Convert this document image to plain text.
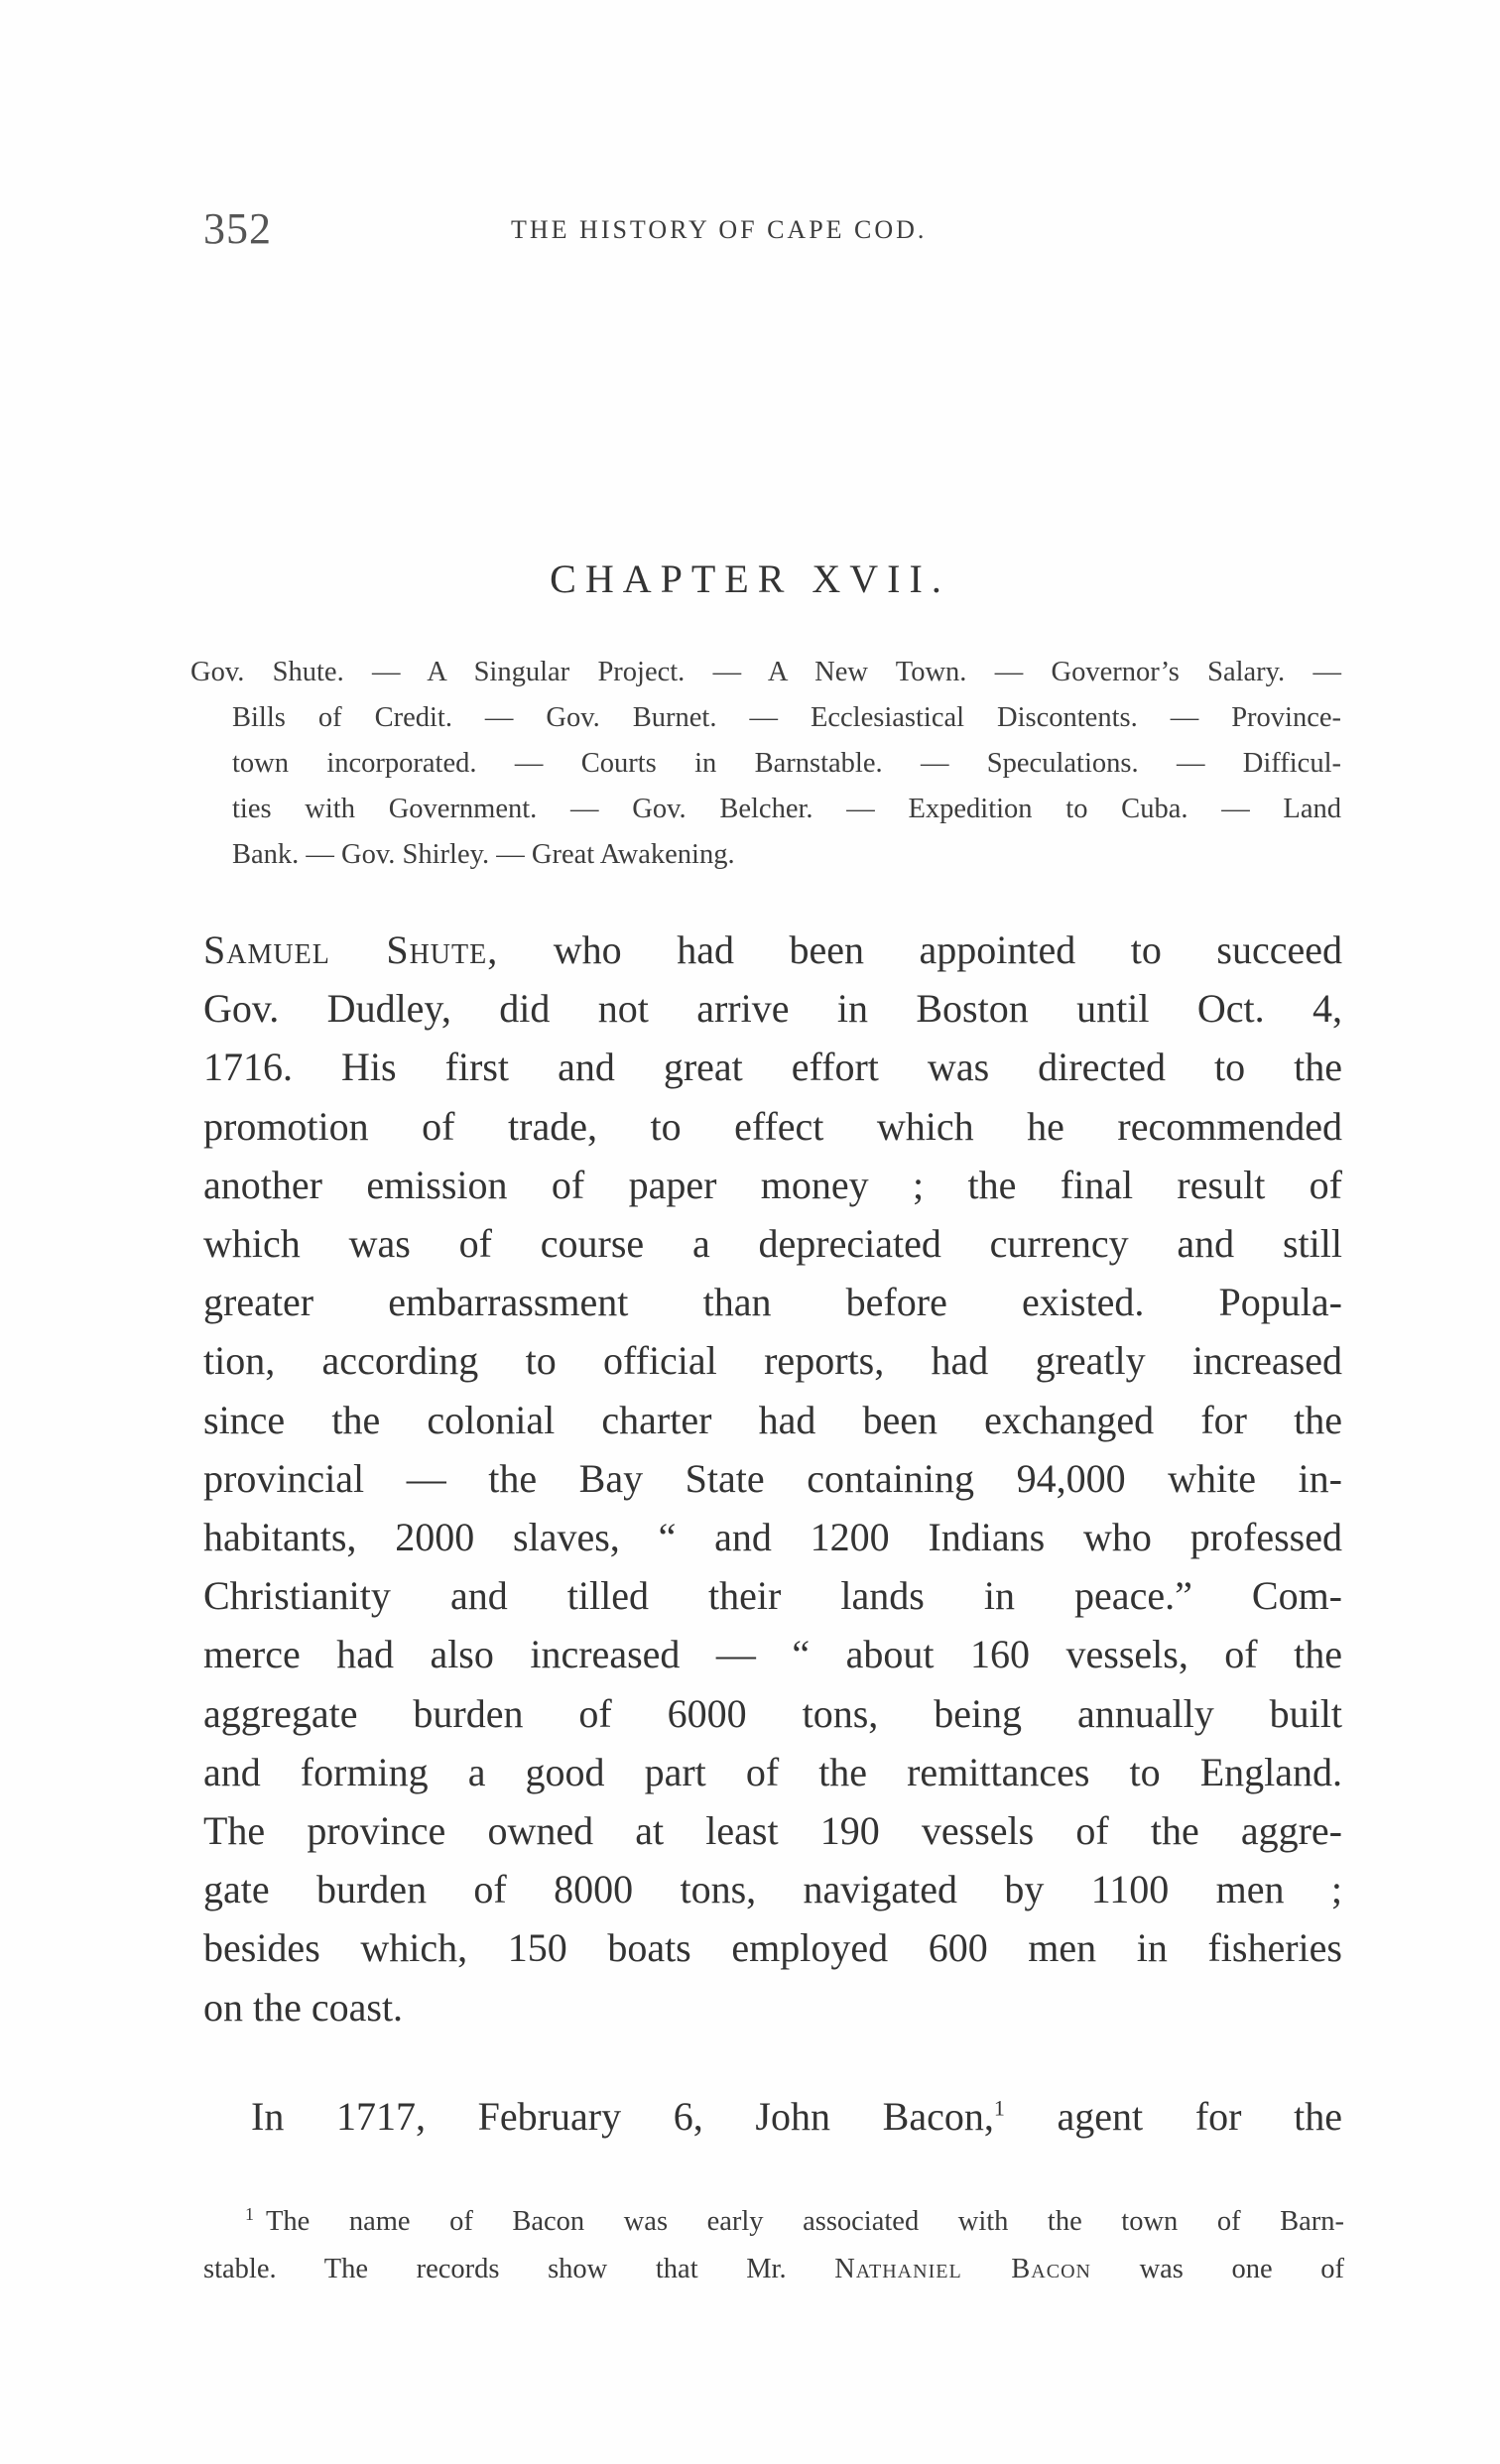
352	THE HISTORY OF CAPE COD.
CHAPTER XVII.
Gov. Shute. — A Singular Project. — A New Town. — Governor’s Salary. —
Bills of Credit. — Gov. Burnet. — Ecclesiastical Discontents. — Province-
town incorporated. — Courts in Barnstable. — Speculations. — Difficul-
ties with Government. — Gov. Belcher. — Expedition to Cuba. — Land
Bank. — Gov. Shirley. — Great Awakening.
Samuel Shute, who had been appointed to succeed
Gov. Dudley, did not arrive in Boston until Oct. 4,
1716. His first and great effort was directed to the
promotion of trade, to effect which he recommended
another emission of paper money ; the final result of
which was of course a depreciated currency and still
greater embarrassment than before existed. Popula-
tion, according to official reports, had greatly increased
since the colonial charter had been exchanged for the
provincial — the Bay State containing 94,000 white in-
habitants, 2000 slaves, “ and 1200 Indians who professed
Christianity and tilled their lands in peace.” Com-
merce had also increased — “ about 160 vessels, of the
aggregate burden of 6000 tons, being annually built
and forming a good part of the remittances to England.
The province owned at least 190 vessels of the aggre-
gate burden of 8000 tons, navigated by 1100 men ;
besides which, 150 boats employed 600 men in fisheries
on the coast.
In 1717, February 6, John Bacon,$^1$ agent for the
$^1$ The name of Bacon was early associated with the town of Barn-
stable. The records show that Mr. Nathaniel Bacon was one of
